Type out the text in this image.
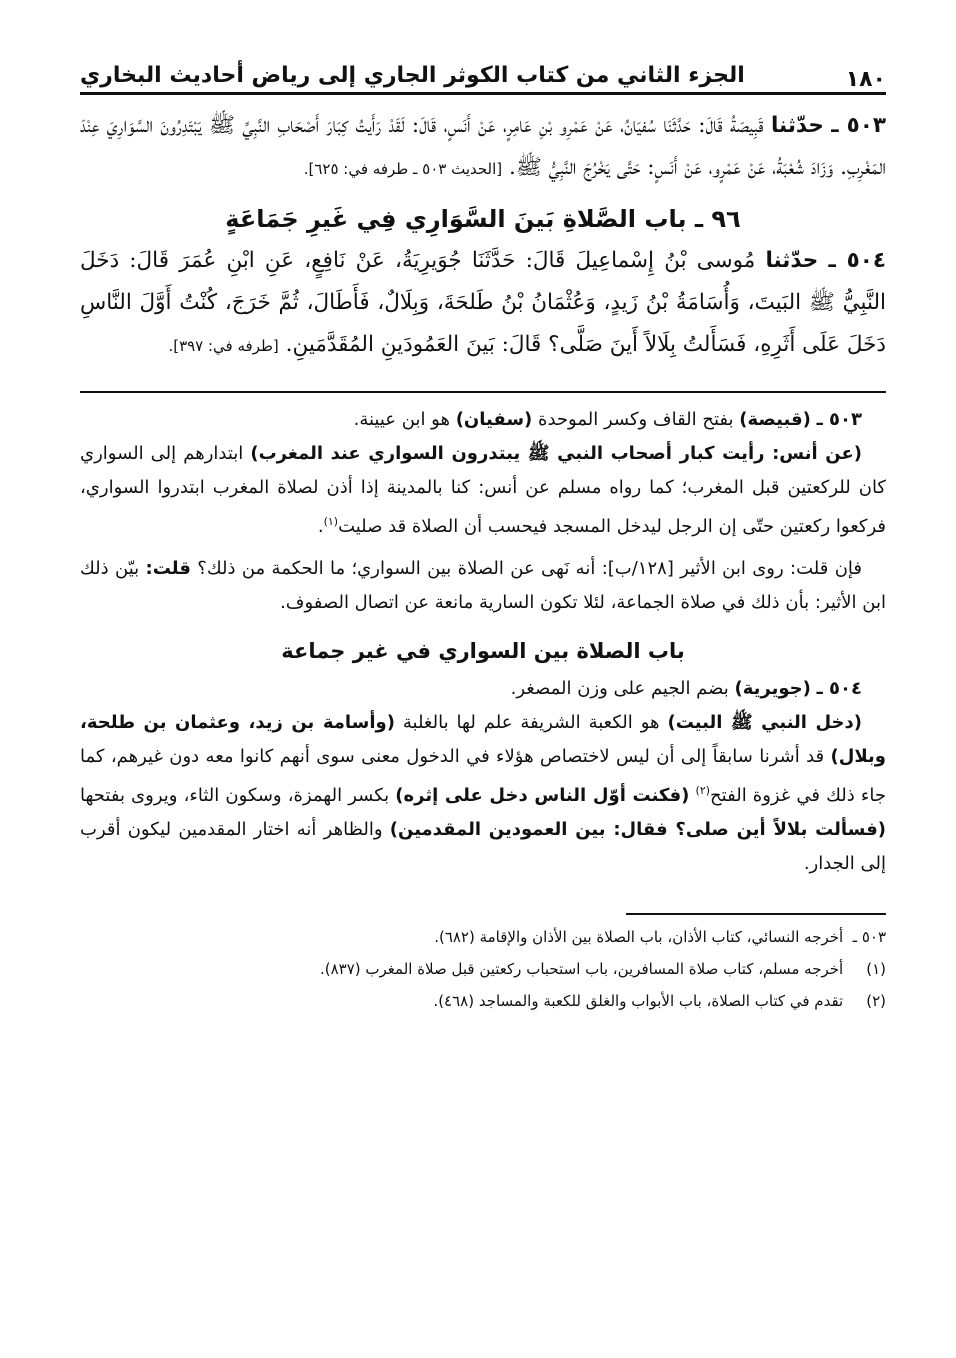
١٨٠
الجزء الثاني من كتاب الكوثر الجاري إلى رياض أحاديث البخاري

٥٠٣ ـ حدّثنا قَبِيصَةُ قَالَ: حَدَّثَنَا سُفيَانُ، عَنْ عَمْرِو بْنِ عَامِرٍ، عَنْ أَنَسٍ، قَالَ: لَقَدْ رَأَيتُ كِبَارَ أَصْحَابِ النَّبِيِّ ﷺ يَبْتَدِرُونَ السَّوَارِيَ عِنْدَ المَغْرِبِ. وَزَادَ شُعْبَةُ، عَنْ عَمْرٍو، عَنْ أَنَسٍ: حَتَّى يَخْرُجَ النَّبِيُّ ﷺ. [الحديث ٥٠٣ ـ طرفه في: ٦٢٥].

٩٦ ـ باب الصَّلاةِ بَينَ السَّوَارِي فِي غَيرِ جَمَاعَةٍ

٥٠٤ ـ حدّثنا مُوسى بْنُ إِسْماعِيلَ قَالَ: حَدَّثَنَا جُوَيرِيَةُ، عَنْ نَافِعٍ، عَنِ ابْنِ عُمَرَ قَالَ: دَخَلَ النَّبِيُّ ﷺ البَيتَ، وَأُسَامَةُ بْنُ زَيدٍ، وَعُثْمَانُ بْنُ طَلحَةَ، وَبِلَالٌ، فَأَطَالَ، ثُمَّ خَرَجَ، كُنْتُ أَوَّلَ النَّاسِ دَخَلَ عَلَى أَثَرِهِ، فَسَأَلتُ بِلَالاً أَينَ صَلَّى؟ قَالَ: بَينَ العَمُودَينِ المُقَدَّمَينِ. [طرفه في: ٣٩٧].

٥٠٣ ـ (قبيصة) بفتح القاف وكسر الموحدة (سفيان) هو ابن عيينة.

(عن أنس: رأيت كبار أصحاب النبي ﷺ يبتدرون السواري عند المغرب) ابتدارهم إلى السواري كان للركعتين قبل المغرب؛ كما رواه مسلم عن أنس: كنا بالمدينة إذا أذن لصلاة المغرب ابتدروا السواري، فركعوا ركعتين حتّى إن الرجل ليدخل المسجد فيحسب أن الصلاة قد صليت$^{(١)}$.

فإن قلت: روى ابن الأثير [١٢٨/ب]: أنه نَهى عن الصلاة بين السواري؛ ما الحكمة من ذلك؟ قلت: بيّن ذلك ابن الأثير: بأن ذلك في صلاة الجماعة، لئلا تكون السارية مانعة عن اتصال الصفوف.

باب الصلاة بين السواري في غير جماعة

٥٠٤ ـ (جويرية) بضم الجيم على وزن المصغر.

(دخل النبي ﷺ البيت) هو الكعبة الشريفة علم لها بالغلبة (وأسامة بن زيد، وعثمان بن طلحة، وبلال) قد أشرنا سابقاً إلى أن ليس لاختصاص هؤلاء في الدخول معنى سوى أنهم كانوا معه دون غيرهم، كما جاء ذلك في غزوة الفتح$^{(٢)}$ (فكنت أوّل الناس دخل على إثره) بكسر الهمزة، وسكون الثاء، ويروى بفتحها (فسألت بلالاً أين صلى؟ فقال: بين العمودين المقدمين) والظاهر أنه اختار المقدمين ليكون أقرب إلى الجدار.

٥٠٣ ـ أخرجه النسائي، كتاب الأذان، باب الصلاة بين الأذان والإقامة (٦٨٢).

(١) أخرجه مسلم، كتاب صلاة المسافرين، باب استحباب ركعتين قبل صلاة المغرب (٨٣٧).

(٢) تقدم في كتاب الصلاة، باب الأبواب والغلق للكعبة والمساجد (٤٦٨).
